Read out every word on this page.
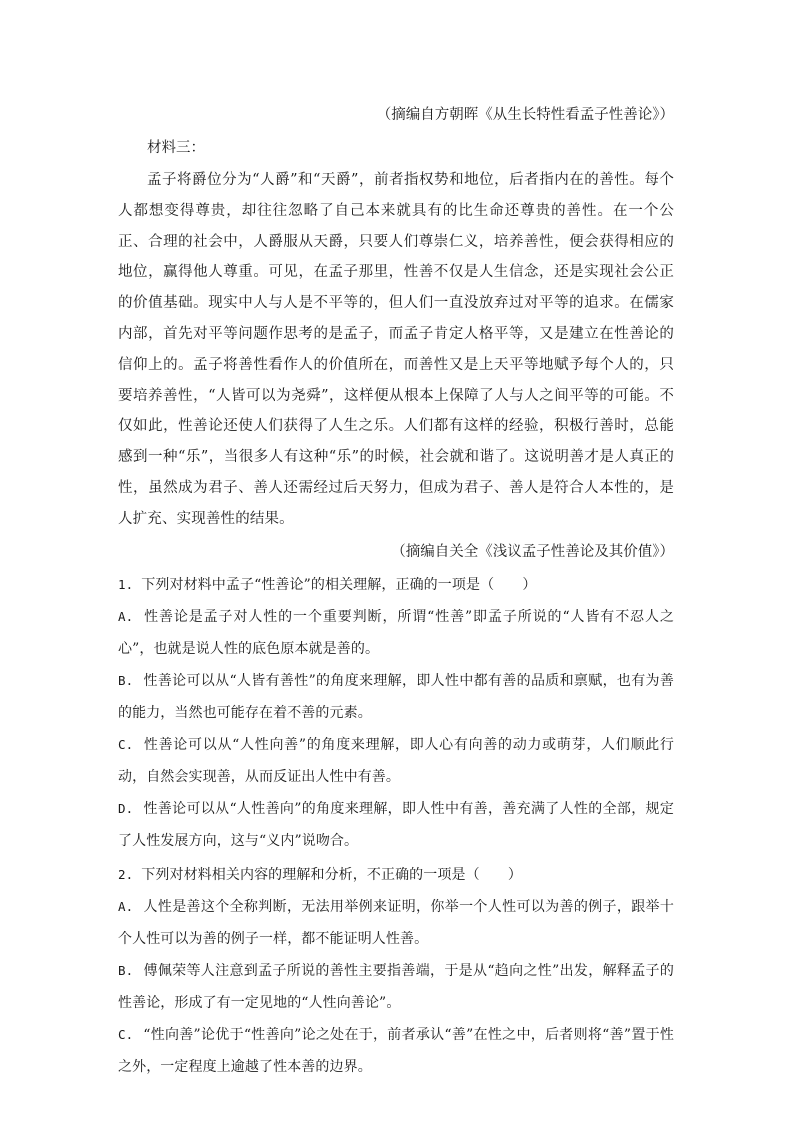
（摘编自方朝晖《从生长特性看孟子性善论》）
材料三：
孟子将爵位分为“人爵”和“天爵”，前者指权势和地位，后者指内在的善性。每个人都想变得尊贵，却往往忽略了自己本来就具有的比生命还尊贵的善性。在一个公正、合理的社会中，人爵服从天爵，只要人们尊崇仁义，培养善性，便会获得相应的地位，赢得他人尊重。可见，在孟子那里，性善不仅是人生信念，还是实现社会公正的价值基础。现实中人与人是不平等的，但人们一直没放弃过对平等的追求。在儒家内部，首先对平等问题作思考的是孟子，而孟子肯定人格平等，又是建立在性善论的信仰上的。孟子将善性看作人的价值所在，而善性又是上天平等地赋予每个人的，只要培养善性，“人皆可以为尧舜”，这样便从根本上保障了人与人之间平等的可能。不仅如此，性善论还使人们获得了人生之乐。人们都有这样的经验，积极行善时，总能感到一种“乐”，当很多人有这种“乐”的时候，社会就和谐了。这说明善才是人真正的性，虽然成为君子、善人还需经过后天努力，但成为君子、善人是符合人本性的，是人扩充、实现善性的结果。
（摘编自关全《浅议孟子性善论及其价值》）
1. 下列对材料中孟子“性善论”的相关理解，正确的一项是（　　）
A. 性善论是孟子对人性的一个重要判断，所谓“性善”即孟子所说的“人皆有不忍人之心”，也就是说人性的底色原本就是善的。
B. 性善论可以从“人皆有善性”的角度来理解，即人性中都有善的品质和禀赋，也有为善的能力，当然也可能存在着不善的元素。
C. 性善论可以从“人性向善”的角度来理解，即人心有向善的动力或萌芽，人们顺此行动，自然会实现善，从而反证出人性中有善。
D. 性善论可以从“人性善向”的角度来理解，即人性中有善，善充满了人性的全部，规定了人性发展方向，这与“义内”说吻合。
2. 下列对材料相关内容的理解和分析，不正确的一项是（　　）
A. 人性是善这个全称判断，无法用举例来证明，你举一个人性可以为善的例子，跟举十个人性可以为善的例子一样，都不能证明人性善。
B. 傅佩荣等人注意到孟子所说的善性主要指善端，于是从“趋向之性”出发，解释孟子的性善论，形成了有一定见地的“人性向善论”。
C. “性向善”论优于“性善向”论之处在于，前者承认“善”在性之中，后者则将“善”置于性之外，一定程度上逾越了性本善的边界。
